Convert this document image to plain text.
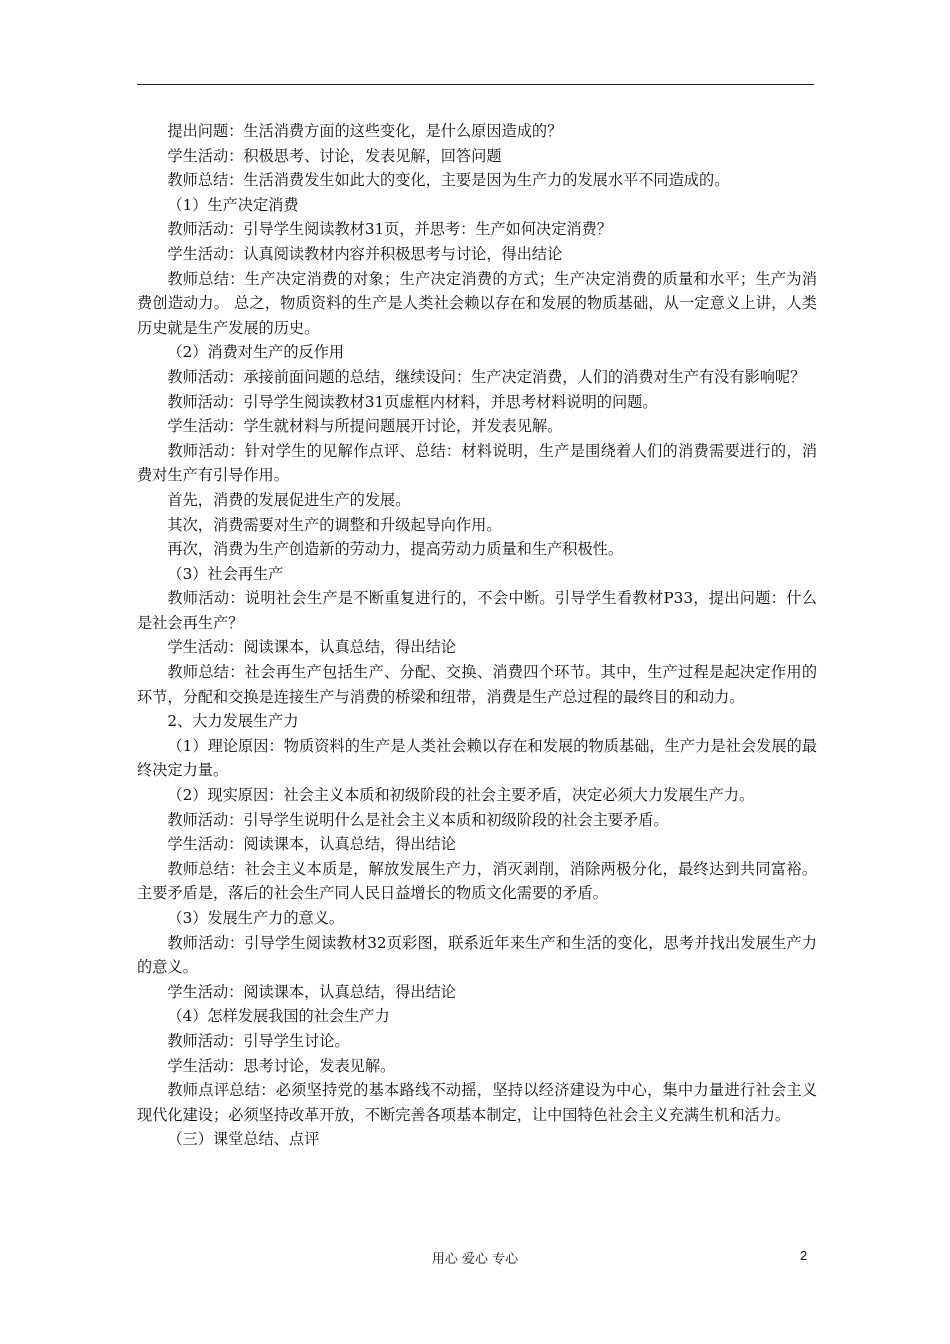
提出问题：生活消费方面的这些变化，是什么原因造成的？

学生活动：积极思考、讨论，发表见解，回答问题

教师总结：生活消费发生如此大的变化，主要是因为生产力的发展水平不同造成的。

（1）生产决定消费

教师活动：引导学生阅读教材31页，并思考：生产如何决定消费？

学生活动：认真阅读教材内容并积极思考与讨论，得出结论

教师总结：生产决定消费的对象；生产决定消费的方式；生产决定消费的质量和水平；生产为消费创造动力。 总之，物质资料的生产是人类社会赖以存在和发展的物质基础，从一定意义上讲，人类历史就是生产发展的历史。

（2）消费对生产的反作用

教师活动：承接前面问题的总结，继续设问：生产决定消费，人们的消费对生产有没有影响呢？

教师活动：引导学生阅读教材31页虚框内材料，并思考材料说明的问题。

学生活动：学生就材料与所提问题展开讨论，并发表见解。

教师活动：针对学生的见解作点评、总结：材料说明，生产是围绕着人们的消费需要进行的，消费对生产有引导作用。

首先，消费的发展促进生产的发展。

其次，消费需要对生产的调整和升级起导向作用。

再次，消费为生产创造新的劳动力，提高劳动力质量和生产积极性。

（3）社会再生产

教师活动：说明社会生产是不断重复进行的，不会中断。引导学生看教材P33，提出问题：什么是社会再生产？

学生活动：阅读课本，认真总结，得出结论

教师总结：社会再生产包括生产、分配、交换、消费四个环节。其中，生产过程是起决定作用的环节，分配和交换是连接生产与消费的桥梁和纽带，消费是生产总过程的最终目的和动力。

2、大力发展生产力

（1）理论原因：物质资料的生产是人类社会赖以存在和发展的物质基础，生产力是社会发展的最终决定力量。

（2）现实原因：社会主义本质和初级阶段的社会主要矛盾，决定必须大力发展生产力。

教师活动：引导学生说明什么是社会主义本质和初级阶段的社会主要矛盾。

学生活动：阅读课本，认真总结，得出结论

教师总结：社会主义本质是，解放发展生产力，消灭剥削，消除两极分化，最终达到共同富裕。主要矛盾是，落后的社会生产同人民日益增长的物质文化需要的矛盾。

（3）发展生产力的意义。

教师活动：引导学生阅读教材32页彩图，联系近年来生产和生活的变化，思考并找出发展生产力的意义。

学生活动：阅读课本，认真总结，得出结论

（4）怎样发展我国的社会生产力

教师活动：引导学生讨论。

学生活动：思考讨论，发表见解。

教师点评总结：必须坚持党的基本路线不动摇，坚持以经济建设为中心，集中力量进行社会主义现代化建设；必须坚持改革开放，不断完善各项基本制定，让中国特色社会主义充满生机和活力。

（三）课堂总结、点评

用心 爱心 专心	2
